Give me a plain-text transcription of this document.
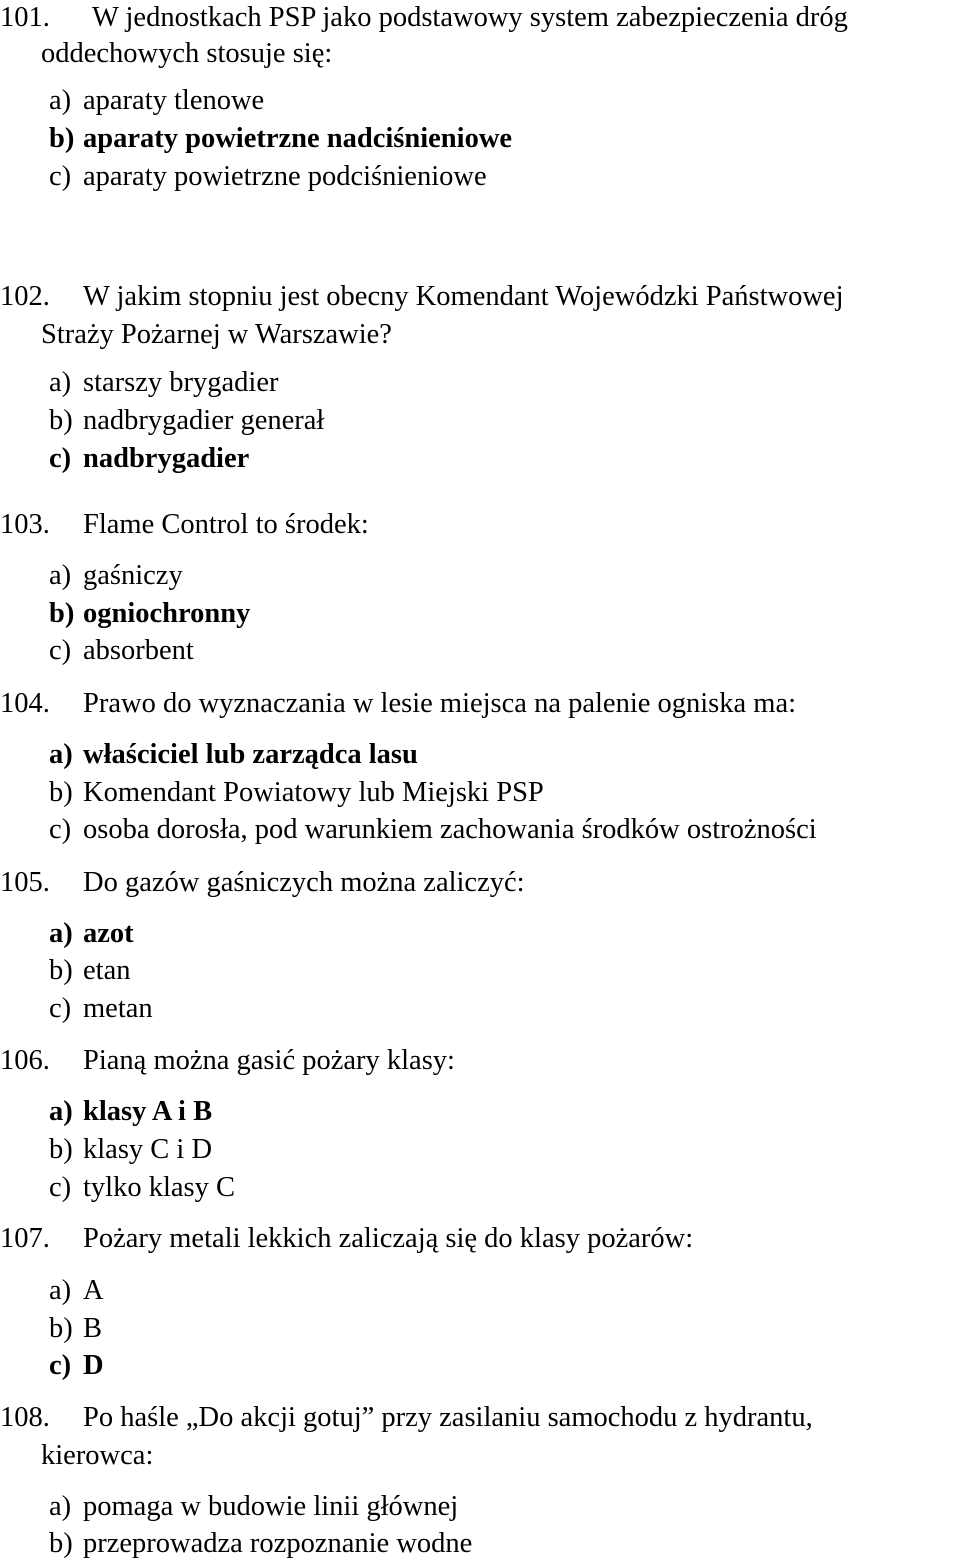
101. W jednostkach PSP jako podstawowy system zabezpieczenia dróg
oddechowych stosuje się:
a) aparaty tlenowe
b) aparaty powietrzne nadciśnieniowe
c) aparaty powietrzne podciśnieniowe
102. W jakim stopniu jest obecny Komendant Wojewódzki Państwowej
Straży Pożarnej w Warszawie?
a) starszy brygadier
b) nadbrygadier generał
c) nadbrygadier
103. Flame Control to środek:
a) gaśniczy
b) ogniochronny
c) absorbent
104. Prawo do wyznaczania w lesie miejsca na palenie ogniska ma:
a) właściciel lub zarządca lasu
b) Komendant Powiatowy lub Miejski PSP
c) osoba dorosła, pod warunkiem zachowania środków ostrożności
105. Do gazów gaśniczych można zaliczyć:
a) azot
b) etan
c) metan
106. Pianą można gasić pożary klasy:
a) klasy A i B
b) klasy C i D
c) tylko klasy C
107. Pożary metali lekkich zaliczają się do klasy pożarów:
a) A
b) B
c) D
108. Po haśle „Do akcji gotuj” przy zasilaniu samochodu z hydrantu,
kierowca:
a) pomaga w budowie linii głównej
b) przeprowadza rozpoznanie wodne
